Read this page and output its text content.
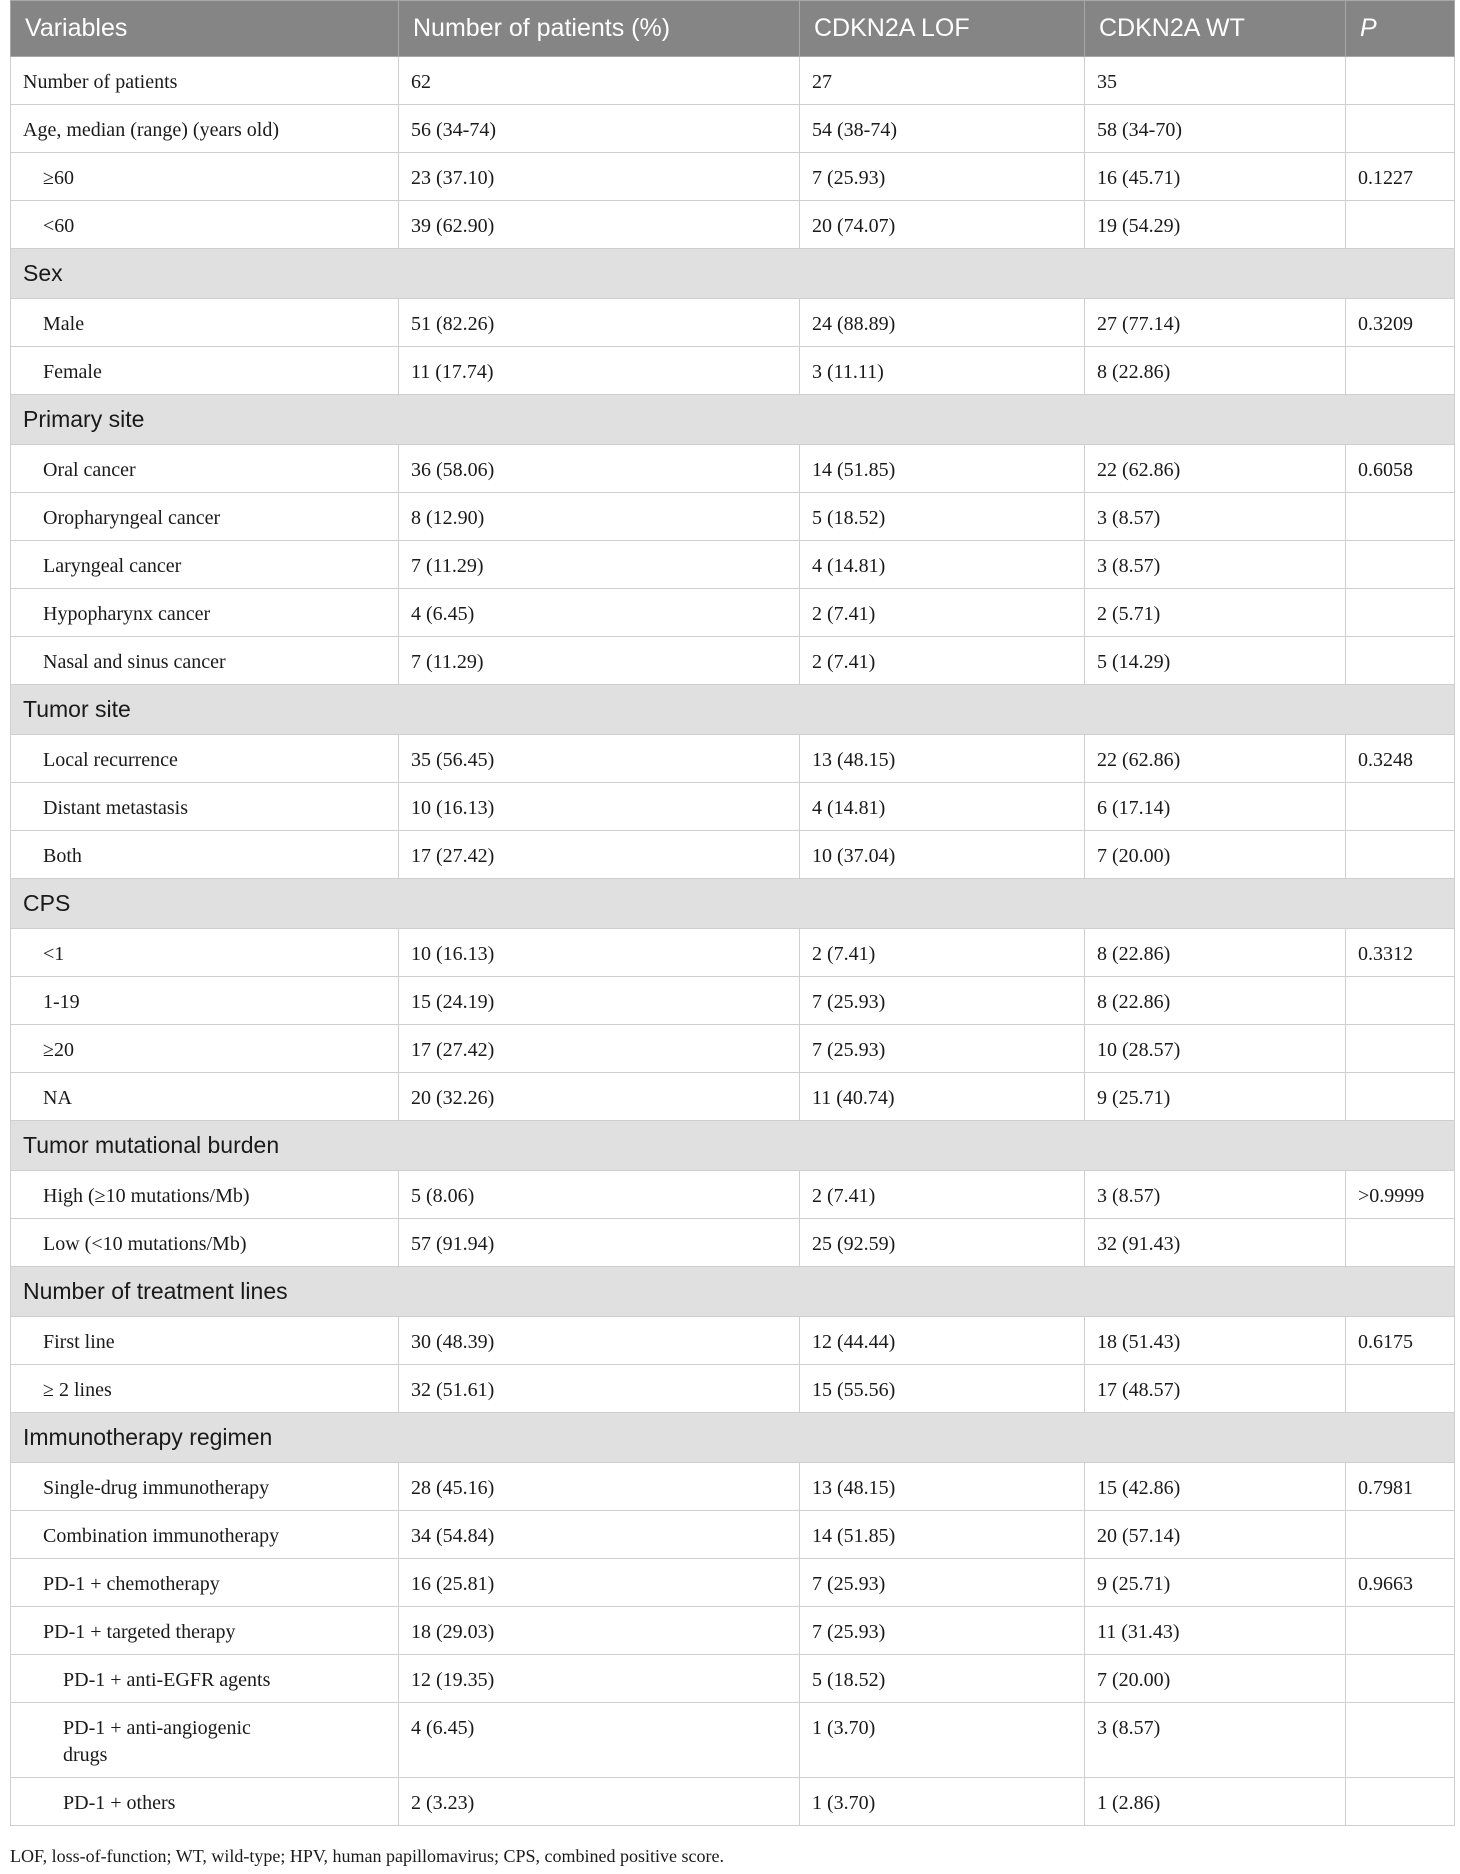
Variables	Number of patients (%)	CDKN2A LOF	CDKN2A WT	P
Number of patients	62	27	35	
Age, median (range) (years old)	56 (34-74)	54 (38-74)	58 (34-70)	
≥60	23 (37.10)	7 (25.93)	16 (45.71)	0.1227
<60	39 (62.90)	20 (74.07)	19 (54.29)	
Sex				
Male	51 (82.26)	24 (88.89)	27 (77.14)	0.3209
Female	11 (17.74)	3 (11.11)	8 (22.86)	
Primary site				
Oral cancer	36 (58.06)	14 (51.85)	22 (62.86)	0.6058
Oropharyngeal cancer	8 (12.90)	5 (18.52)	3 (8.57)	
Laryngeal cancer	7 (11.29)	4 (14.81)	3 (8.57)	
Hypopharynx cancer	4 (6.45)	2 (7.41)	2 (5.71)	
Nasal and sinus cancer	7 (11.29)	2 (7.41)	5 (14.29)	
Tumor site				
Local recurrence	35 (56.45)	13 (48.15)	22 (62.86)	0.3248
Distant metastasis	10 (16.13)	4 (14.81)	6 (17.14)	
Both	17 (27.42)	10 (37.04)	7 (20.00)	
CPS				
<1	10 (16.13)	2 (7.41)	8 (22.86)	0.3312
1-19	15 (24.19)	7 (25.93)	8 (22.86)	
≥20	17 (27.42)	7 (25.93)	10 (28.57)	
NA	20 (32.26)	11 (40.74)	9 (25.71)	
Tumor mutational burden				
High (≥10 mutations/Mb)	5 (8.06)	2 (7.41)	3 (8.57)	>0.9999
Low (<10 mutations/Mb)	57 (91.94)	25 (92.59)	32 (91.43)	
Number of treatment lines				
First line	30 (48.39)	12 (44.44)	18 (51.43)	0.6175
≥ 2 lines	32 (51.61)	15 (55.56)	17 (48.57)	
Immunotherapy regimen				
Single-drug immunotherapy	28 (45.16)	13 (48.15)	15 (42.86)	0.7981
Combination immunotherapy	34 (54.84)	14 (51.85)	20 (57.14)	
PD-1 + chemotherapy	16 (25.81)	7 (25.93)	9 (25.71)	0.9663
PD-1 + targeted therapy	18 (29.03)	7 (25.93)	11 (31.43)	
PD-1 + anti-EGFR agents	12 (19.35)	5 (18.52)	7 (20.00)	
PD-1 + anti-angiogenic
drugs	4 (6.45)	1 (3.70)	3 (8.57)	
PD-1 + others	2 (3.23)	1 (3.70)	1 (2.86)	
LOF, loss-of-function; WT, wild-type; HPV, human papillomavirus; CPS, combined positive score.
